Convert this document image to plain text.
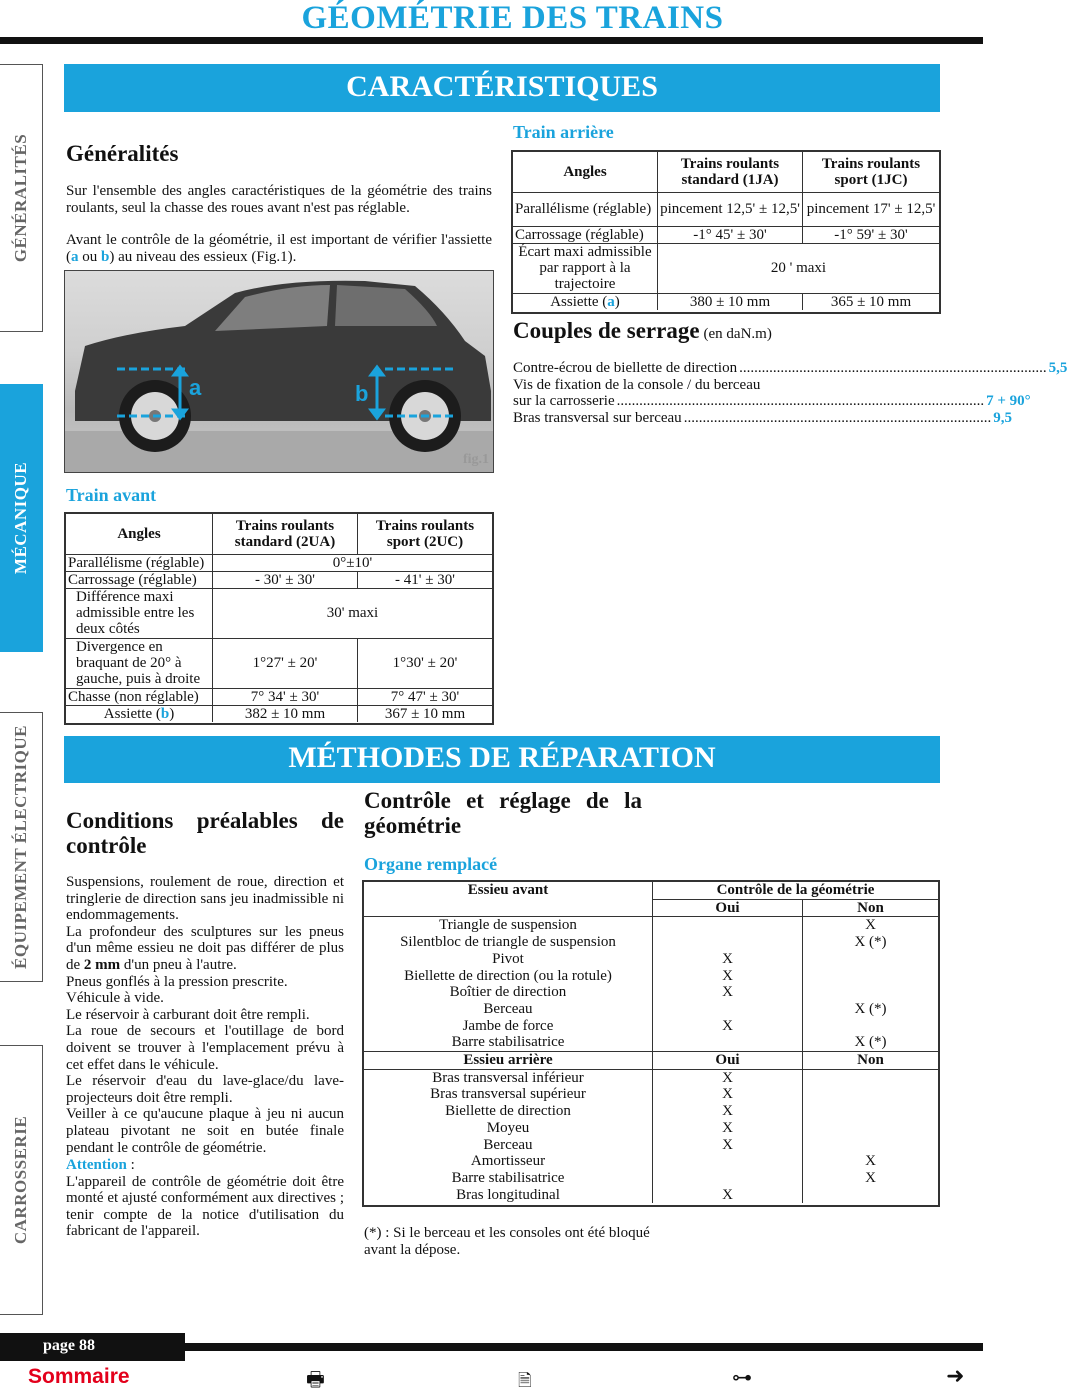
GÉOMÉTRIE DES TRAINS
GÉNÉRALITÉS
MÉCANIQUE
ÉQUIPEMENT ÉLECTRIQUE
CARROSSERIE
CARACTÉRISTIQUES
Généralités
Sur l'ensemble des angles caractéristiques de la géométrie des trains roulants, seul la chasse des roues avant n'est pas réglable.
Avant le contrôle de la géométrie, il est important de vérifier l'assiette (a ou b) au niveau des essieux (Fig.1).
a	b
fig.1
Train avant
Angles	Trains roulants standard (2UA)	Trains roulants sport (2UC)
Parallélisme (réglable)	0°±10'	
Carrossage (réglable)	- 30' ± 30'	- 41' ± 30'
Différence maxi admissible entre les deux côtés	30' maxi	
Divergence en braquant de 20° à gauche, puis à droite	1°27' ± 20'	1°30' ± 20'
Chasse (non réglable)	7° 34' ± 30'	7° 47' ± 30'
Assiette (b)	382 ± 10 mm	367 ± 10 mm
Train arrière
Angles	Trains roulants standard (1JA)	Trains roulants sport (1JC)
Parallélisme (réglable)	pincement 12,5' ± 12,5'	pincement 17' ± 12,5'
Carrossage (réglable)	-1° 45' ± 30'	-1° 59' ± 30'
Écart maxi admissible par rapport à la trajectoire	20 ' maxi	
Assiette (a)	380 ± 10 mm	365 ± 10 mm
Couples de serrage (en daN.m)
Contre-écrou de biellette de direction .................................................................................. 5,5
Vis de fixation de la console / du berceau
sur la carrosserie .................................................................................................. 7 + 90°
Bras transversal sur berceau .................................................................................. 9,5
MÉTHODES DE RÉPARATION
Conditions préalables de contrôle
Suspensions, roulement de roue, direction et tringlerie de direction sans jeu inadmissible ni endommagements.
La profondeur des sculptures sur les pneus d'un même essieu ne doit pas différer de plus de 2 mm d'un pneu à l'autre.
Pneus gonflés à la pression prescrite.
Véhicule à vide.
Le réservoir à carburant doit être rempli.
La roue de secours et l'outillage de bord doivent se trouver à l'emplacement prévu à cet effet dans le véhicule.
Le réservoir d'eau du lave-glace/du lave-projecteurs doit être rempli.
Veiller à ce qu'aucune plaque à jeu ni aucun plateau pivotant ne soit en butée finale pendant le contrôle de géométrie.
Attention :
L'appareil de contrôle de géométrie doit être monté et ajusté conformément aux directives ; tenir compte de la notice d'utilisation du fabricant de l'appareil.
Contrôle et réglage de la géométrie
Organe remplacé
Essieu avant	Contrôle de la géométrie	
	Oui	Non
Triangle de suspension		X
Silentbloc de triangle de suspension		X (*)
Pivot	X	
Biellette de direction (ou la rotule)	X	
Boîtier de direction	X	
Berceau		X (*)
Jambe de force	X	
Barre stabilisatrice		X (*)
Essieu arrière	Oui	Non
Bras transversal inférieur	X	
Bras transversal supérieur	X	
Biellette de direction	X	
Moyeu	X	
Berceau	X	
Amortisseur		X
Barre stabilisatrice		X
Bras longitudinal	X	
(*) : Si le berceau et les consoles ont été bloqué avant la dépose.
page 88
Sommaire	🖶	🗎	⊶	➜
